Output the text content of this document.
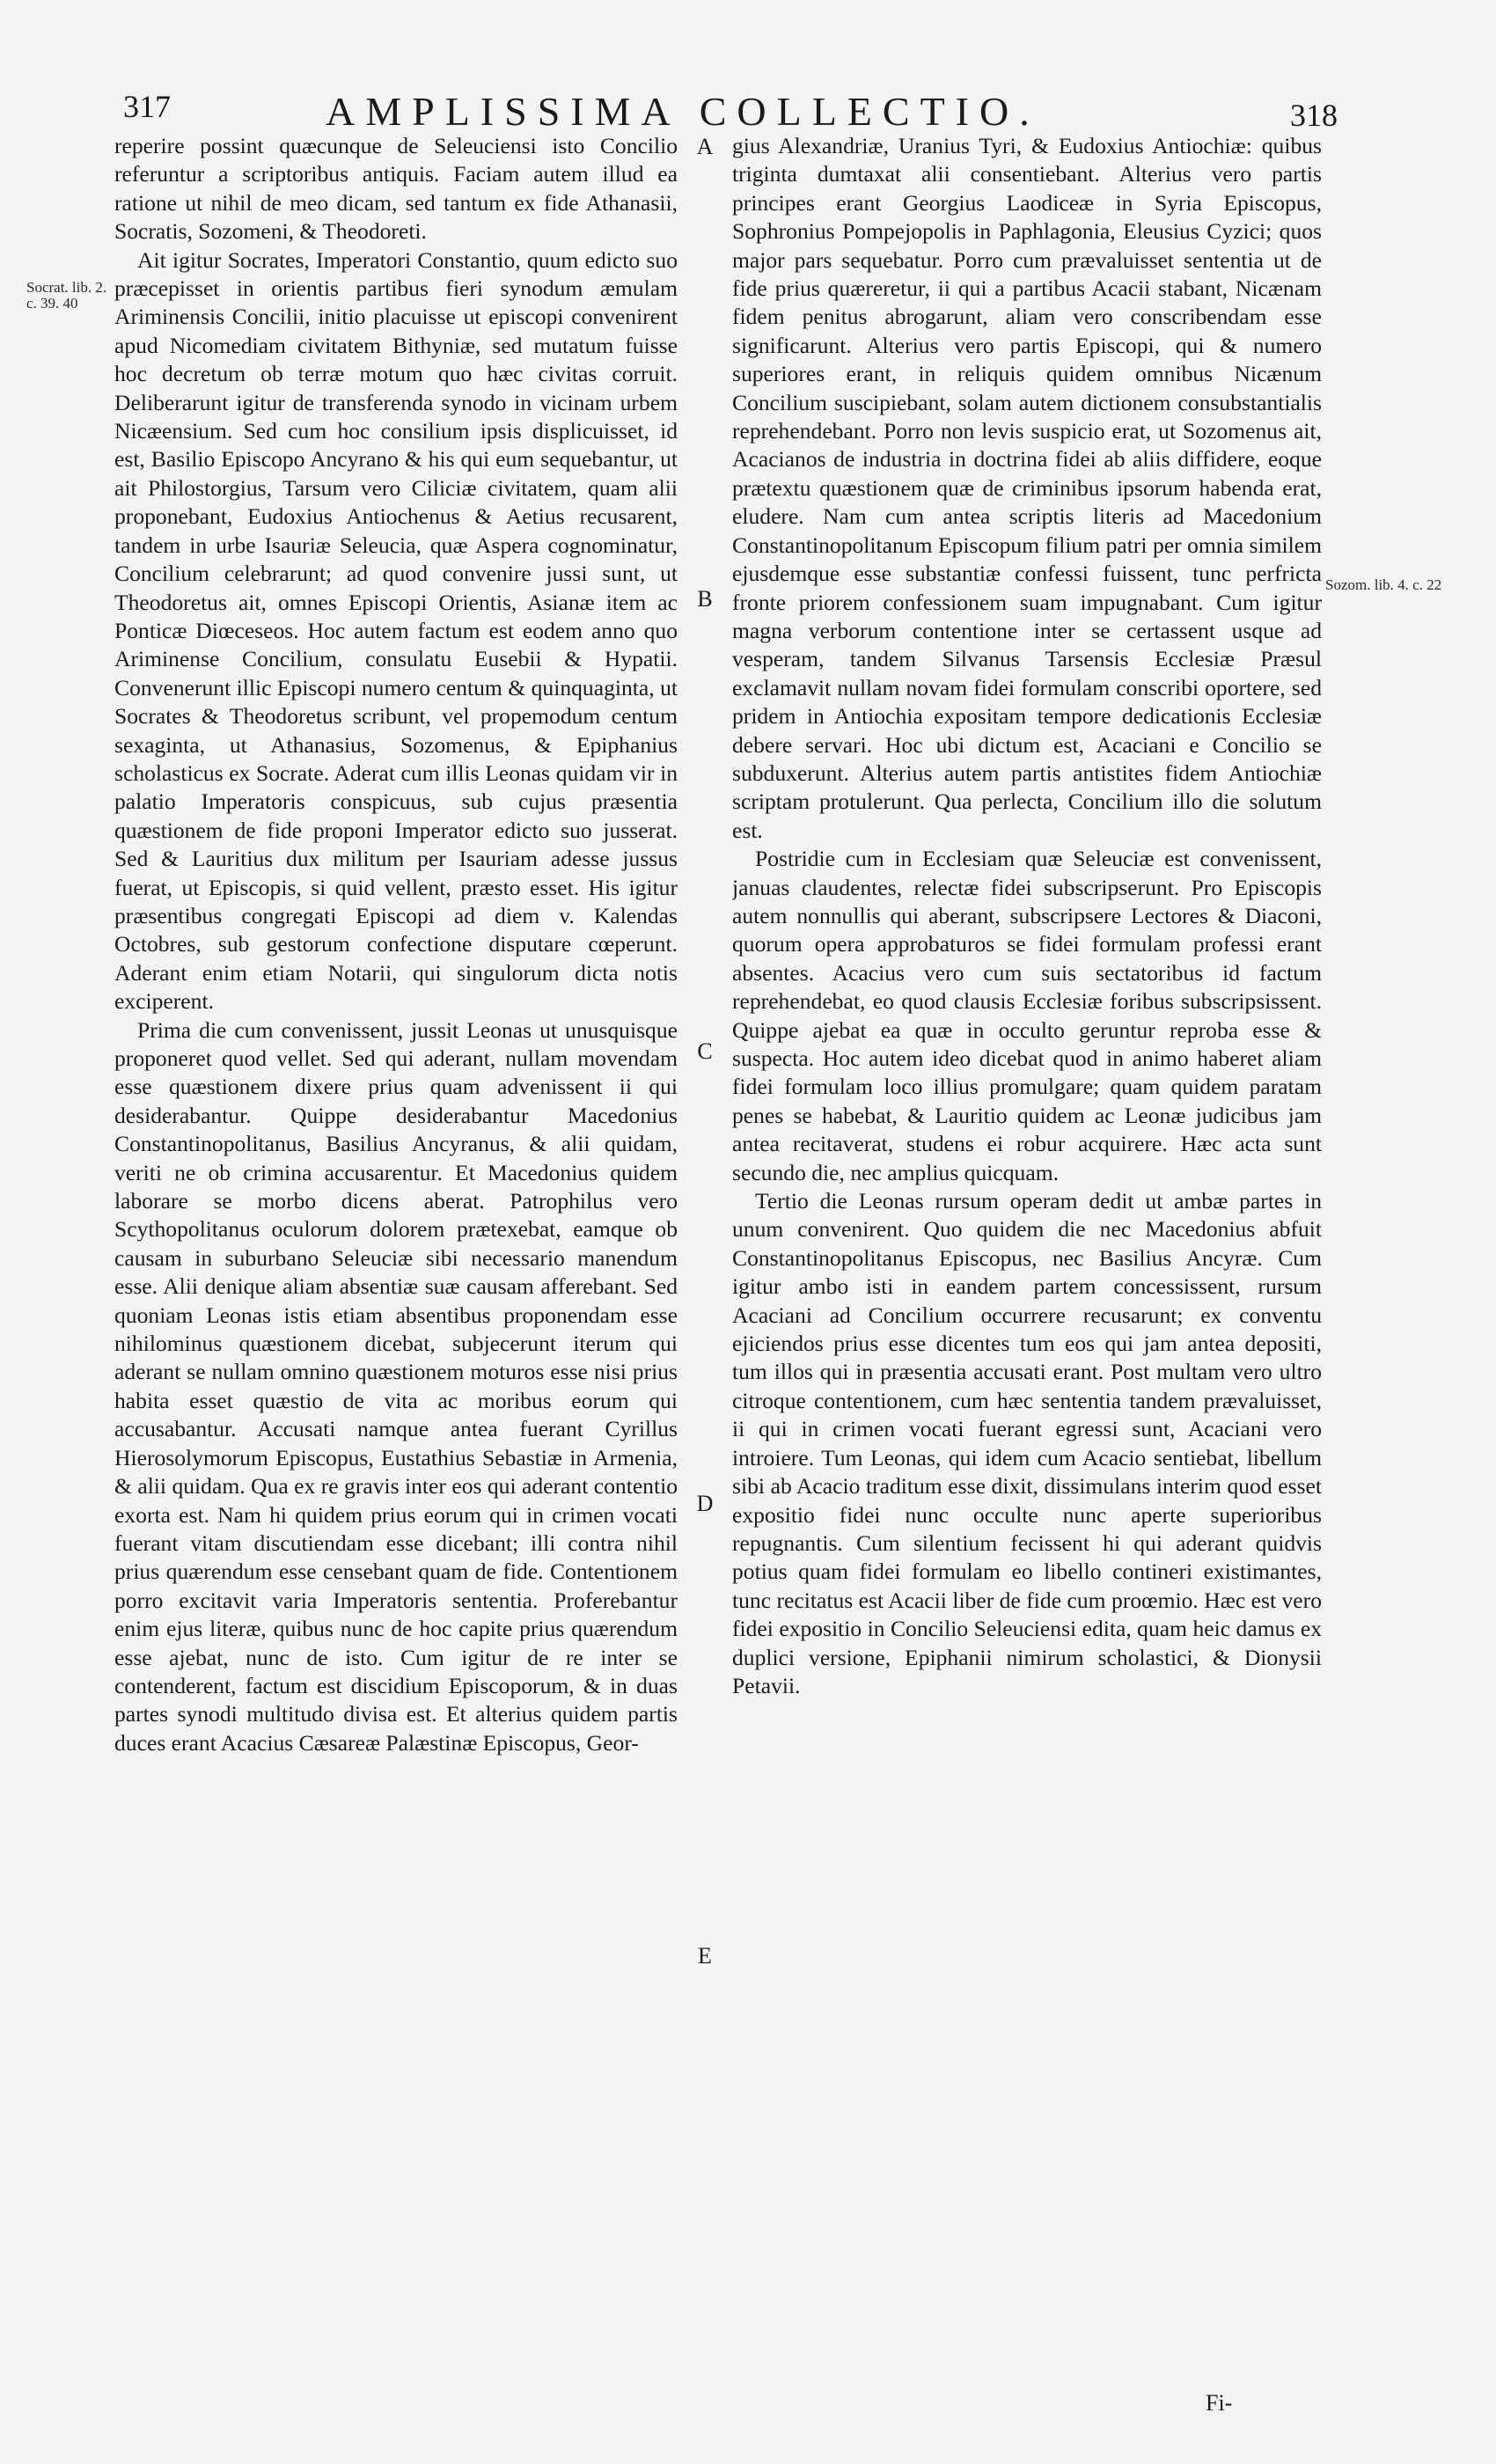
317	AMPLISSIMA COLLECTIO.	318
Socrat. lib. 2. c. 39. 40
Sozom. lib. 4. c. 22
A
B
C
D
E

reperire possint quæcunque de Seleuciensi isto Concilio referuntur a scriptoribus antiquis. Faciam autem illud ea ratione ut nihil de meo dicam, sed tantum ex fide Athanasii, Socratis, Sozomeni, & Theodoreti.

Ait igitur Socrates, Imperatori Constantio, quum edicto suo præcepisset in orientis partibus fieri synodum æmulam Ariminensis Concilii, initio placuisse ut episcopi convenirent apud Nicomediam civitatem Bithyniæ, sed mutatum fuisse hoc decretum ob terræ motum quo hæc civitas corruit. Deliberarunt igitur de transferenda synodo in vicinam urbem Nicæensium. Sed cum hoc consilium ipsis displicuisset, id est, Basilio Episcopo Ancyrano & his qui eum sequebantur, ut ait Philostorgius, Tarsum vero Ciliciæ civitatem, quam alii proponebant, Eudoxius Antiochenus & Aetius recusarent, tandem in urbe Isauriæ Seleucia, quæ Aspera cognominatur, Concilium celebrarunt; ad quod convenire jussi sunt, ut Theodoretus ait, omnes Episcopi Orientis, Asianæ item ac Ponticæ Diœceseos. Hoc autem factum est eodem anno quo Ariminense Concilium, consulatu Eusebii & Hypatii. Convenerunt illic Episcopi numero centum & quinquaginta, ut Socrates & Theodoretus scribunt, vel propemodum centum sexaginta, ut Athanasius, Sozomenus, & Epiphanius scholasticus ex Socrate. Aderat cum illis Leonas quidam vir in palatio Imperatoris conspicuus, sub cujus præsentia quæstionem de fide proponi Imperator edicto suo jusserat. Sed & Lauritius dux militum per Isauriam adesse jussus fuerat, ut Episcopis, si quid vellent, præsto esset. His igitur præsentibus congregati Episcopi ad diem v. Kalendas Octobres, sub gestorum confectione disputare cœperunt. Aderant enim etiam Notarii, qui singulorum dicta notis exciperent.

Prima die cum convenissent, jussit Leonas ut unusquisque proponeret quod vellet. Sed qui aderant, nullam movendam esse quæstionem dixere prius quam advenissent ii qui desiderabantur. Quippe desiderabantur Macedonius Constantinopolitanus, Basilius Ancyranus, & alii quidam, veriti ne ob crimina accusarentur. Et Macedonius quidem laborare se morbo dicens aberat. Patrophilus vero Scythopolitanus oculorum dolorem prætexebat, eamque ob causam in suburbano Seleuciæ sibi necessario manendum esse. Alii denique aliam absentiæ suæ causam afferebant. Sed quoniam Leonas istis etiam absentibus proponendam esse nihilominus quæstionem dicebat, subjecerunt iterum qui aderant se nullam omnino quæstionem moturos esse nisi prius habita esset quæstio de vita ac moribus eorum qui accusabantur. Accusati namque antea fuerant Cyrillus Hierosolymorum Episcopus, Eustathius Sebastiæ in Armenia, & alii quidam. Qua ex re gravis inter eos qui aderant contentio exorta est. Nam hi quidem prius eorum qui in crimen vocati fuerant vitam discutiendam esse dicebant; illi contra nihil prius quærendum esse censebant quam de fide. Contentionem porro excitavit varia Imperatoris sententia. Proferebantur enim ejus literæ, quibus nunc de hoc capite prius quærendum esse ajebat, nunc de isto. Cum igitur de re inter se contenderent, factum est discidium Episcoporum, & in duas partes synodi multitudo divisa est. Et alterius quidem partis duces erant Acacius Cæsareæ Palæstinæ Episcopus, Geor-

gius Alexandriæ, Uranius Tyri, & Eudoxius Antiochiæ: quibus triginta dumtaxat alii consentiebant. Alterius vero partis principes erant Georgius Laodiceæ in Syria Episcopus, Sophronius Pompejopolis in Paphlagonia, Eleusius Cyzici; quos major pars sequebatur. Porro cum prævaluisset sententia ut de fide prius quæreretur, ii qui a partibus Acacii stabant, Nicænam fidem penitus abrogarunt, aliam vero conscribendam esse significarunt. Alterius vero partis Episcopi, qui & numero superiores erant, in reliquis quidem omnibus Nicænum Concilium suscipiebant, solam autem dictionem consubstantialis reprehendebant. Porro non levis suspicio erat, ut Sozomenus ait, Acacianos de industria in doctrina fidei ab aliis diffidere, eoque prætextu quæstionem quæ de criminibus ipsorum habenda erat, eludere. Nam cum antea scriptis literis ad Macedonium Constantinopolitanum Episcopum filium patri per omnia similem ejusdemque esse substantiæ confessi fuissent, tunc perfricta fronte priorem confessionem suam impugnabant. Cum igitur magna verborum contentione inter se certassent usque ad vesperam, tandem Silvanus Tarsensis Ecclesiæ Præsul exclamavit nullam novam fidei formulam conscribi oportere, sed pridem in Antiochia expositam tempore dedicationis Ecclesiæ debere servari. Hoc ubi dictum est, Acaciani e Concilio se subduxerunt. Alterius autem partis antistites fidem Antiochiæ scriptam protulerunt. Qua perlecta, Concilium illo die solutum est.

Postridie cum in Ecclesiam quæ Seleuciæ est convenissent, januas claudentes, relectæ fidei subscripserunt. Pro Episcopis autem nonnullis qui aberant, subscripsere Lectores & Diaconi, quorum opera approbaturos se fidei formulam professi erant absentes. Acacius vero cum suis sectatoribus id factum reprehendebat, eo quod clausis Ecclesiæ foribus subscripsissent. Quippe ajebat ea quæ in occulto geruntur reproba esse & suspecta. Hoc autem ideo dicebat quod in animo haberet aliam fidei formulam loco illius promulgare; quam quidem paratam penes se habebat, & Lauritio quidem ac Leonæ judicibus jam antea recitaverat, studens ei robur acquirere. Hæc acta sunt secundo die, nec amplius quicquam.

Tertio die Leonas rursum operam dedit ut ambæ partes in unum convenirent. Quo quidem die nec Macedonius abfuit Constantinopolitanus Episcopus, nec Basilius Ancyræ. Cum igitur ambo isti in eandem partem concessissent, rursum Acaciani ad Concilium occurrere recusarunt; ex conventu ejiciendos prius esse dicentes tum eos qui jam antea depositi, tum illos qui in præsentia accusati erant. Post multam vero ultro citroque contentionem, cum hæc sententia tandem prævaluisset, ii qui in crimen vocati fuerant egressi sunt, Acaciani vero introiere. Tum Leonas, qui idem cum Acacio sentiebat, libellum sibi ab Acacio traditum esse dixit, dissimulans interim quod esset expositio fidei nunc occulte nunc aperte superioribus repugnantis. Cum silentium fecissent hi qui aderant quidvis potius quam fidei formulam eo libello contineri existimantes, tunc recitatus est Acacii liber de fide cum proœmio. Hæc est vero fidei expositio in Concilio Seleuciensi edita, quam heic damus ex duplici versione, Epiphanii nimirum scholastici, & Dionysii Petavii.

Fi-
